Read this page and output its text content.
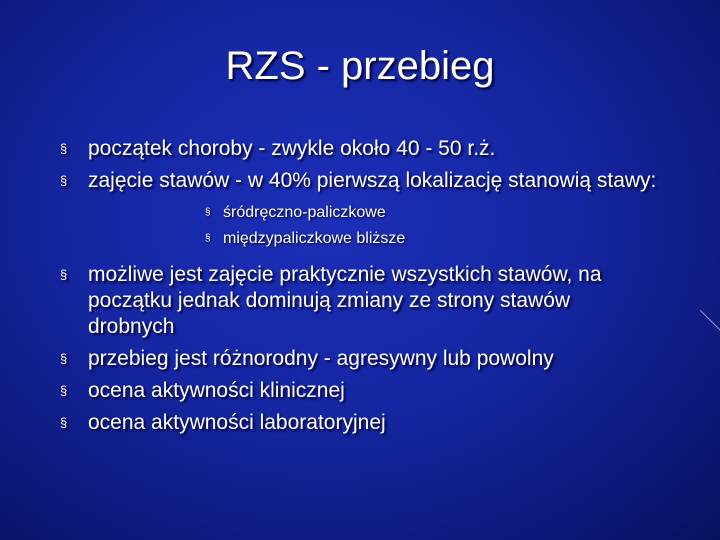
RZS - przebieg
§ początek choroby - zwykle około 40 - 50 r.ż.
§ zajęcie stawów - w 40% pierwszą lokalizację stanowią stawy:
§ śródręczno-paliczkowe
§ międzypaliczkowe bliższe
§ możliwe jest zajęcie praktycznie wszystkich stawów, na początku jednak dominują zmiany ze strony stawów drobnych
§ przebieg jest różnorodny - agresywny lub powolny
§ ocena aktywności klinicznej
§ ocena aktywności laboratoryjnej
